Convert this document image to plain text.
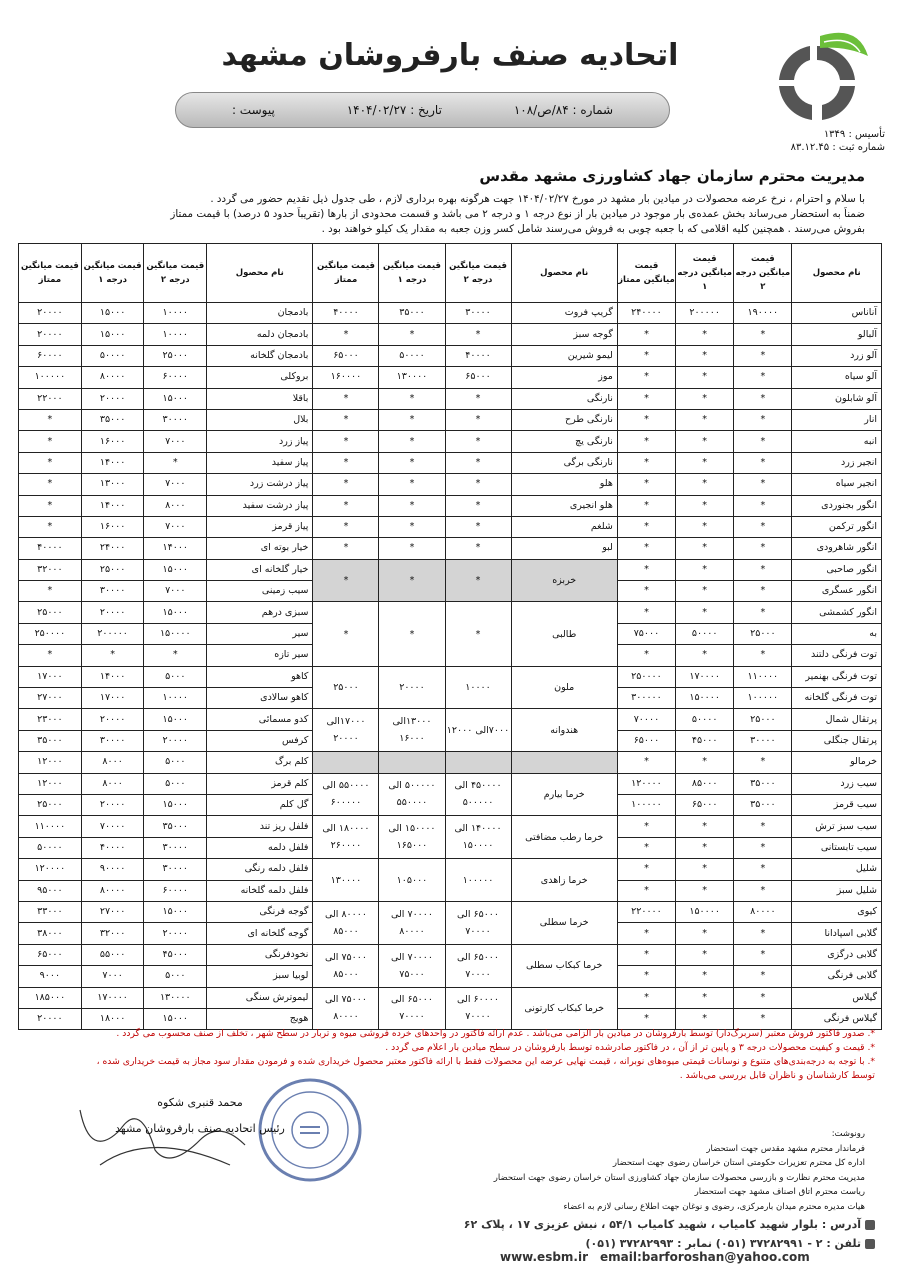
اتحادیه صنف بارفروشان مشهد
تأسیس : ۱۳۴۹
شماره ثبت : ۸۳.۱۲.۴۵
شماره : ۸۴/ص/۱۰۸
تاریخ : ۱۴۰۴/۰۲/۲۷
پیوست :
مدیریت محترم سازمان جهاد کشاورزی مشهد مقدس

با سلام و احترام ، نرخ عرضه محصولات در میادین بار مشهد در مورخ ۱۴۰۴/۰۲/۲۷ جهت هرگونه بهره برداری لازم ، طی جدول ذیل تقدیم حضور می گردد .

ضمناً به استحضار می‌رساند بخش عمده‌ی بار موجود در میادین بار از نوع درجه ۱ و درجه ۲ می باشد و قسمت محدودی از بارها (تقریباً حدود ۵ درصد) با قیمت ممتاز

بفروش می‌رسند . همچنین کلیه اقلامی که با جعبه چوبی به فروش می‌رسند شامل کسر وزن جعبه به مقدار یک کیلو خواهند بود .

نام محصول	قیمت میانگین درجه ۲	قیمت میانگین درجه ۱	قیمت میانگین ممتاز	نام محصول	قیمت میانگین درجه ۲	قیمت میانگین درجه ۱	قیمت میانگین ممتاز	نام محصول	قیمت میانگین درجه ۲	قیمت میانگین درجه ۱	قیمت میانگین ممتاز
آناناس	۱۹۰۰۰۰	۲۰۰۰۰۰	۲۴۰۰۰۰	گریپ فروت	۳۰۰۰۰	۳۵۰۰۰	۴۰۰۰۰	بادمجان	۱۰۰۰۰	۱۵۰۰۰	۲۰۰۰۰
آلبالو	*	*	*	گوجه سبز	*	*	*	بادمجان دلمه	۱۰۰۰۰	۱۵۰۰۰	۲۰۰۰۰
آلو زرد	*	*	*	لیمو شیرین	۴۰۰۰۰	۵۰۰۰۰	۶۵۰۰۰	بادمجان گلخانه	۲۵۰۰۰	۵۰۰۰۰	۶۰۰۰۰
آلو سیاه	*	*	*	موز	۶۵۰۰۰	۱۳۰۰۰۰	۱۶۰۰۰۰	بروکلی	۶۰۰۰۰	۸۰۰۰۰	۱۰۰۰۰۰
آلو شابلون	*	*	*	نارنگی	*	*	*	باقلا	۱۵۰۰۰	۲۰۰۰۰	۲۲۰۰۰
انار	*	*	*	نارنگی طرح	*	*	*	بلال	۳۰۰۰۰	۳۵۰۰۰	*
انبه	*	*	*	نارنگی یچ	*	*	*	پیاز زرد	۷۰۰۰	۱۶۰۰۰	*
انجیر زرد	*	*	*	نارنگی برگی	*	*	*	پیاز سفید	*	۱۴۰۰۰	*
انجیر سیاه	*	*	*	هلو	*	*	*	پیاز درشت زرد	۷۰۰۰	۱۳۰۰۰	*
انگور بجنوردی	*	*	*	هلو انجیری	*	*	*	پیاز درشت سفید	۸۰۰۰	۱۴۰۰۰	*
انگور ترکمن	*	*	*	شلغم	*	*	*	پیاز قرمز	۷۰۰۰	۱۶۰۰۰	*
انگور شاهرودی	*	*	*	لبو	*	*	*	خیار بوته ای	۱۴۰۰۰	۲۴۰۰۰	۴۰۰۰۰
انگور صاحبی	*	*	*	خربزه	*	*	*	خیار گلخانه ای	۱۵۰۰۰	۲۵۰۰۰	۳۲۰۰۰
انگور عسگری	*	*	*					سیب زمینی	۷۰۰۰	۳۰۰۰۰	*
انگور کشمشی	*	*	*	طالبی	*	*	*	سبزی درهم	۱۵۰۰۰	۲۰۰۰۰	۲۵۰۰۰
به	۲۵۰۰۰	۵۰۰۰۰	۷۵۰۰۰					سیر	۱۵۰۰۰۰	۲۰۰۰۰۰	۲۵۰۰۰۰
توت فرنگی دلتند	*	*	*					سیر تازه	*	*	*
توت فرنگی بهنمیر	۱۱۰۰۰۰	۱۷۰۰۰۰	۲۵۰۰۰۰	ملون	۱۰۰۰۰	۲۰۰۰۰	۲۵۰۰۰	کاهو	۵۰۰۰	۱۴۰۰۰	۱۷۰۰۰
توت فرنگی گلخانه	۱۰۰۰۰۰	۱۵۰۰۰۰	۳۰۰۰۰۰					کاهو سالادی	۱۰۰۰۰	۱۷۰۰۰	۲۷۰۰۰
پرتقال شمال	۲۵۰۰۰	۵۰۰۰۰	۷۰۰۰۰	هندوانه	۷۰۰۰الی ۱۲۰۰۰	۱۳۰۰۰الی ۱۶۰۰۰	۱۷۰۰۰الی ۲۰۰۰۰	کدو مسمائی	۱۵۰۰۰	۲۰۰۰۰	۲۳۰۰۰
پرتقال جنگلی	۳۰۰۰۰	۴۵۰۰۰	۶۵۰۰۰					کرفس	۲۰۰۰۰	۳۰۰۰۰	۳۵۰۰۰
خرمالو	*	*	*					کلم برگ	۵۰۰۰	۸۰۰۰	۱۲۰۰۰
سیب زرد	۳۵۰۰۰	۸۵۰۰۰	۱۲۰۰۰۰	خرما بیارم	۴۵۰۰۰۰ الی ۵۰۰۰۰۰	۵۰۰۰۰۰ الی ۵۵۰۰۰۰	۵۵۰۰۰۰ الی ۶۰۰۰۰۰	کلم قرمز	۵۰۰۰	۸۰۰۰	۱۲۰۰۰
سیب قرمز	۳۵۰۰۰	۶۵۰۰۰	۱۰۰۰۰۰					گل کلم	۱۵۰۰۰	۲۰۰۰۰	۲۵۰۰۰
سیب سبز ترش	*	*	*	خرما رطب مضافتی	۱۴۰۰۰۰ الی ۱۵۰۰۰۰	۱۵۰۰۰۰ الی ۱۶۵۰۰۰	۱۸۰۰۰۰ الی ۲۶۰۰۰۰	فلفل ریز تند	۳۵۰۰۰	۷۰۰۰۰	۱۱۰۰۰۰
سیب تابستانی	*	*	*					فلفل دلمه	۳۰۰۰۰	۴۰۰۰۰	۵۰۰۰۰
شلیل	*	*	*	خرما زاهدی	۱۰۰۰۰۰	۱۰۵۰۰۰	۱۳۰۰۰۰	فلفل دلمه رنگی	۳۰۰۰۰	۹۰۰۰۰	۱۲۰۰۰۰
شلیل سبز	*	*	*					فلفل دلمه گلخانه	۶۰۰۰۰	۸۰۰۰۰	۹۵۰۰۰
کیوی	۸۰۰۰۰	۱۵۰۰۰۰	۲۲۰۰۰۰	خرما سطلی	۶۵۰۰۰ الی ۷۰۰۰۰	۷۰۰۰۰ الی ۸۰۰۰۰	۸۰۰۰۰ الی ۸۵۰۰۰	گوجه فرنگی	۱۵۰۰۰	۲۷۰۰۰	۳۳۰۰۰
گلابی اسپادانا	*	*	*					گوجه گلخانه ای	۲۰۰۰۰	۳۲۰۰۰	۳۸۰۰۰
گلابی درگزی	*	*	*	خرما کبکاب سطلی	۶۵۰۰۰ الی ۷۰۰۰۰	۷۰۰۰۰ الی ۷۵۰۰۰	۷۵۰۰۰ الی ۸۵۰۰۰	نخودفرنگی	۴۵۰۰۰	۵۵۰۰۰	۶۵۰۰۰
گلابی فرنگی	*	*	*					لوبیا سبز	۵۰۰۰	۷۰۰۰	۹۰۰۰
گیلاس	*	*	*	خرما کبکاب کارتونی	۶۰۰۰۰ الی ۷۰۰۰۰	۶۵۰۰۰ الی ۷۰۰۰۰	۷۵۰۰۰ الی ۸۰۰۰۰	لیموترش سنگی	۱۳۰۰۰۰	۱۷۰۰۰۰	۱۸۵۰۰۰
گیلاس فرنگی	*	*	*					هویج	۱۵۰۰۰	۱۸۰۰۰	۲۰۰۰۰

*. صدور فاکتور فروش معتبر (سربرگ‌دار) توسط بارفروشان در میادین بار الزامی می‌باشد . عدم ارائه فاکتور در واحدهای خرده فروشی میوه و تربار در سطح شهر ، تخلف از صنف محسوب می گردد .

*. قیمت و کیفیت محصولات درجه ۳ و پایین تر از آن ، در فاکتور صادرشده توسط بارفروشان در سطح میادین بار اعلام می گردد .

*. با توجه به درجه‌بندی‌های متنوع و نوسانات قیمتی میوه‌های نوبرانه ، قیمت نهایی عرضه این محصولات فقط با ارائه فاکتور معتبر محصول خریداری شده و فرمودن مقدار سود مجاز به قیمت خریداری شده ،

توسط کارشناسان و ناظران قابل بررسی می‌باشد .

محمد قنبری شکوه
رئیس اتحادیه صنف بارفروشان مشهد	رونوشت:

فرماندار محترم مشهد مقدس جهت استحضار

اداره کل محترم تعزیرات حکومتی استان خراسان رضوی جهت استحضار

مدیریت محترم نظارت و بازرسی محصولات سازمان جهاد کشاورزی استان خراسان رضوی جهت استحضار

ریاست محترم اتاق اصناف مشهد جهت استحضار

هیات مدیره محترم میدان بارمرکزی، رضوی و نوغان جهت اطلاع رسانی لازم به اعضاء

آدرس : بلوار شهید کامیاب ، شهید کامیاب ۵۴/۱ ، نبش عزیزی ۱۷ ، پلاک ۶۲
تلفن : ۲ - ۳۷۲۸۲۹۹۱ (۰۵۱) نمابر : ۳۷۲۸۲۹۹۳ (۰۵۱)
www.esbm.ir email:barforoshan@yahoo.com
